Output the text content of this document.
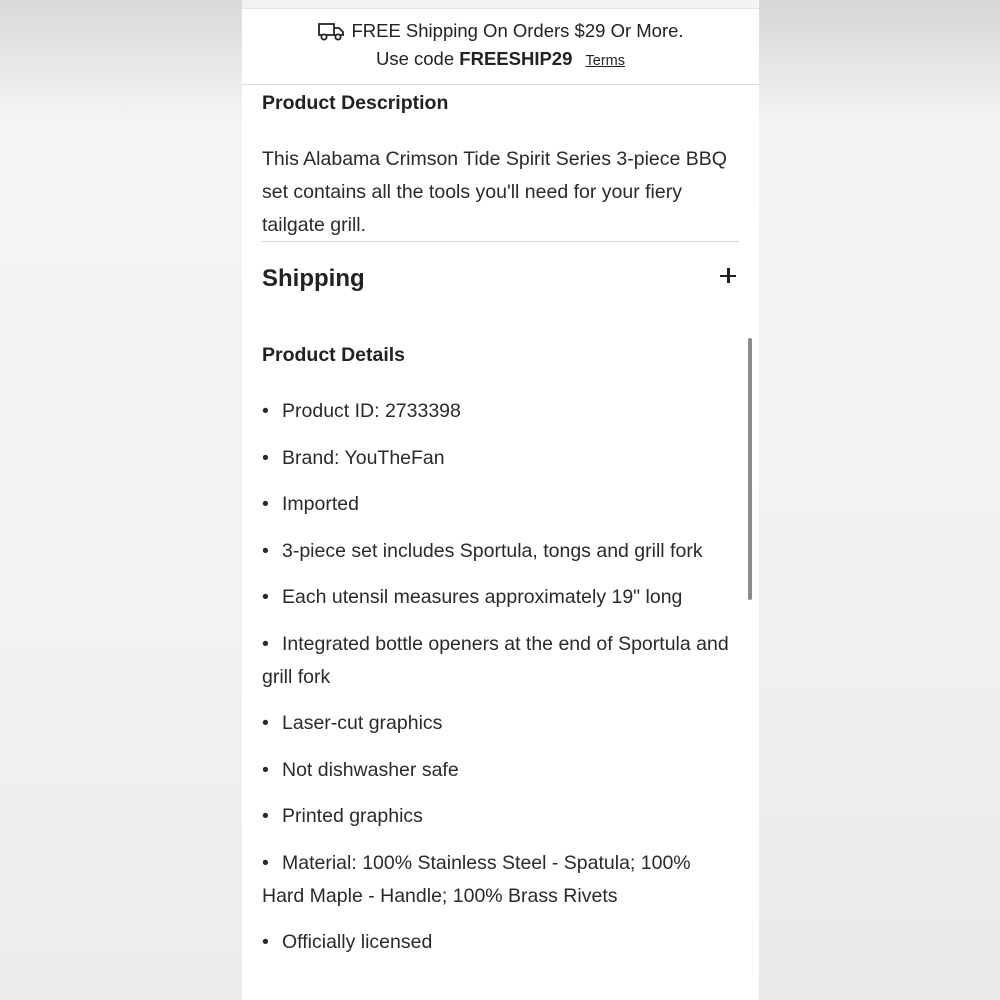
FREE Shipping On Orders $29 Or More.
Use code FREESHIP29 Terms
Product Description
This Alabama Crimson Tide Spirit Series 3-piece BBQ set contains all the tools you'll need for your fiery tailgate grill.
Shipping
Product Details
• Product ID: 2733398
• Brand: YouTheFan
• Imported
• 3-piece set includes Sportula, tongs and grill fork
• Each utensil measures approximately 19" long
• Integrated bottle openers at the end of Sportula and grill fork
• Laser-cut graphics
• Not dishwasher safe
• Printed graphics
• Material: 100% Stainless Steel - Spatula; 100% Hard Maple - Handle; 100% Brass Rivets
• Officially licensed
